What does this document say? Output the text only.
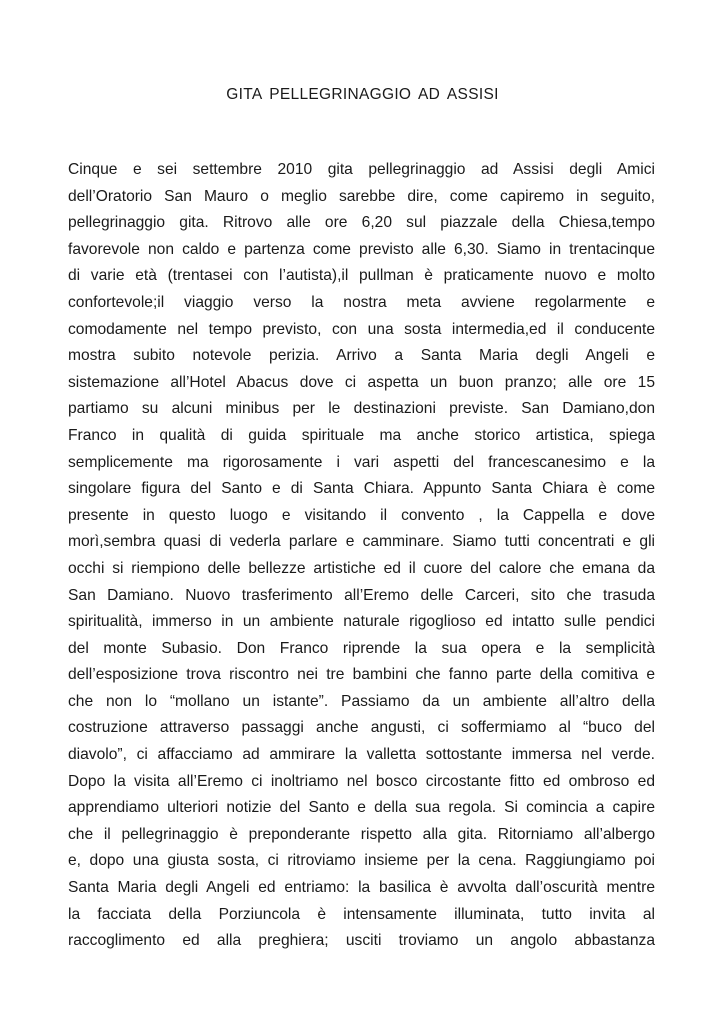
GITA PELLEGRINAGGIO AD ASSISI
Cinque e sei settembre 2010 gita pellegrinaggio ad Assisi degli Amici
dell’Oratorio San Mauro o meglio sarebbe dire, come capiremo in seguito,
pellegrinaggio gita. Ritrovo alle ore 6,20 sul piazzale della Chiesa,tempo
favorevole non caldo e partenza come previsto alle 6,30. Siamo in trentacinque
di varie età (trentasei con l’autista),il pullman è praticamente nuovo e molto
confortevole;il viaggio verso la nostra meta avviene regolarmente e
comodamente nel tempo previsto, con una sosta intermedia,ed il conducente
mostra subito notevole perizia. Arrivo a Santa Maria degli Angeli e
sistemazione all’Hotel Abacus dove ci aspetta un buon pranzo; alle ore 15
partiamo su alcuni minibus per le destinazioni previste. San Damiano,don
Franco in qualità di guida spirituale ma anche storico artistica, spiega
semplicemente ma rigorosamente i vari aspetti del francescanesimo e la
singolare figura del Santo e di Santa Chiara. Appunto Santa Chiara è come
presente in questo luogo e visitando il convento , la Cappella e dove
morì,sembra quasi di vederla parlare e camminare. Siamo tutti concentrati e gli
occhi si riempiono delle bellezze artistiche ed il cuore del calore che emana da
San Damiano. Nuovo trasferimento all’Eremo delle Carceri, sito che trasuda
spiritualità, immerso in un ambiente naturale rigoglioso ed intatto sulle pendici
del monte Subasio. Don Franco riprende la sua opera e la semplicità
dell’esposizione trova riscontro nei tre bambini che fanno parte della comitiva e
che non lo “mollano un istante”. Passiamo da un ambiente all’altro della
costruzione attraverso passaggi anche angusti, ci soffermiamo al “buco del
diavolo”, ci affacciamo ad ammirare la valletta sottostante immersa nel verde.
Dopo la visita all’Eremo ci inoltriamo nel bosco circostante fitto ed ombroso ed
apprendiamo ulteriori notizie del Santo e della sua regola. Si comincia a capire
che il pellegrinaggio è preponderante rispetto alla gita. Ritorniamo all’albergo
e, dopo una giusta sosta, ci ritroviamo insieme per la cena. Raggiungiamo poi
Santa Maria degli Angeli ed entriamo: la basilica è avvolta dall’oscurità mentre
la facciata della Porziuncola è intensamente illuminata, tutto invita al
raccoglimento ed alla preghiera; usciti troviamo un angolo abbastanza
